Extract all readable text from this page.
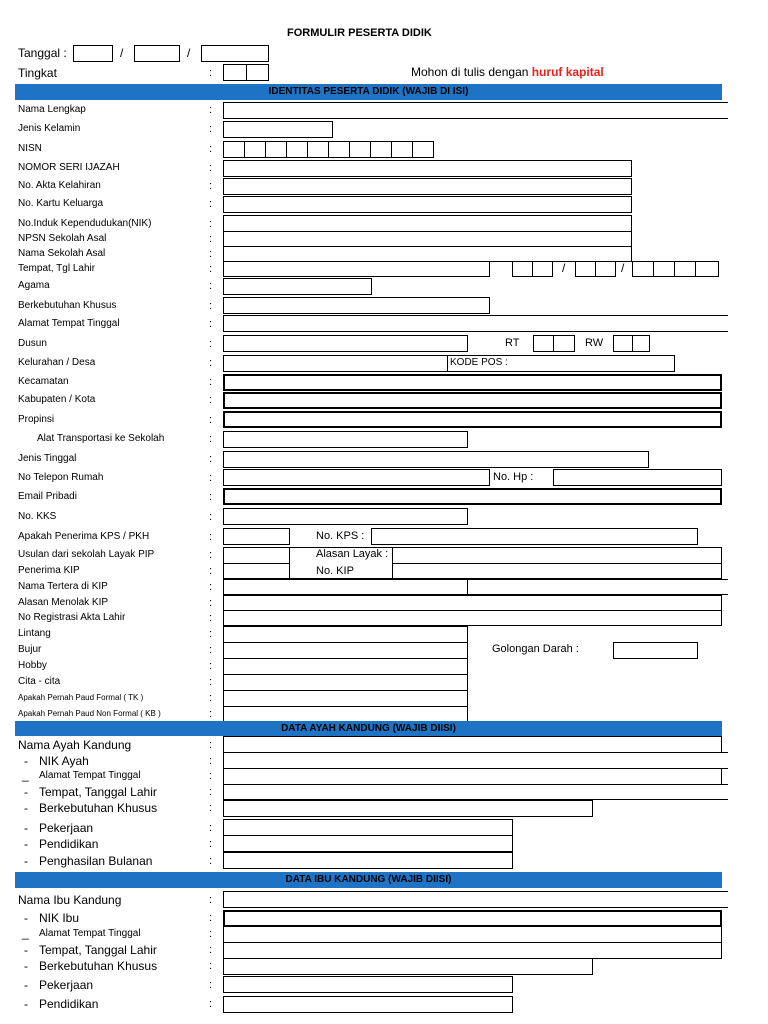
FORMULIR PESERTA DIDIK
Tanggal :	/	/
Tingkat	:	Mohon di tulis dengan huruf kapital
IDENTITAS PESERTA DIDIK (WAJIB DI ISI)
Nama Lengkap	:
Jenis Kelamin	:
NISN	:
NOMOR SERI IJAZAH	:
No. Akta Kelahiran	:
No. Kartu Keluarga	:
No.Induk Kependudukan(NIK)	:
NPSN Sekolah Asal	:
Nama Sekolah Asal	:
Tempat, Tgl Lahir	:	/	/
Agama	:
Berkebutuhan Khusus	:
Alamat Tempat Tinggal	:
Dusun	:	RT	RW
Kelurahan / Desa	:	KODE POS :
Kecamatan	:
Kabupaten / Kota	:
Propinsi	:
Alat Transportasi ke Sekolah	:
Jenis Tinggal	:
No Telepon Rumah	:	No. Hp :
Email Pribadi	:
No. KKS	:
Apakah Penerima KPS / PKH	:	No. KPS :
Usulan dari sekolah Layak PIP	:	Alasan Layak :
Penerima KIP	:	No. KIP
Nama Tertera di KIP	:
Alasan Menolak KIP	:
No Registrasi Akta Lahir	:
Lintang	:
Bujur	:	Golongan Darah :
Hobby	:
Cita - cita	:
Apakah Pernah Paud Formal ( TK )	:
Apakah Pernah Paud Non Formal ( KB )	:
DATA AYAH KANDUNG (WAJIB DIISI)
Nama Ayah Kandung	:
- NIK Ayah	:
_ Alamat Tempat Tinggal	:
- Tempat, Tanggal Lahir	:
- Berkebutuhan Khusus	:
- Pekerjaan	:
- Pendidikan	:
- Penghasilan Bulanan	:
DATA IBU KANDUNG (WAJIB DIISI)
Nama Ibu Kandung	:
- NIK Ibu	:
_ Alamat Tempat Tinggal	:
- Tempat, Tanggal Lahir	:
- Berkebutuhan Khusus	:
- Pekerjaan	:
- Pendidikan	:
